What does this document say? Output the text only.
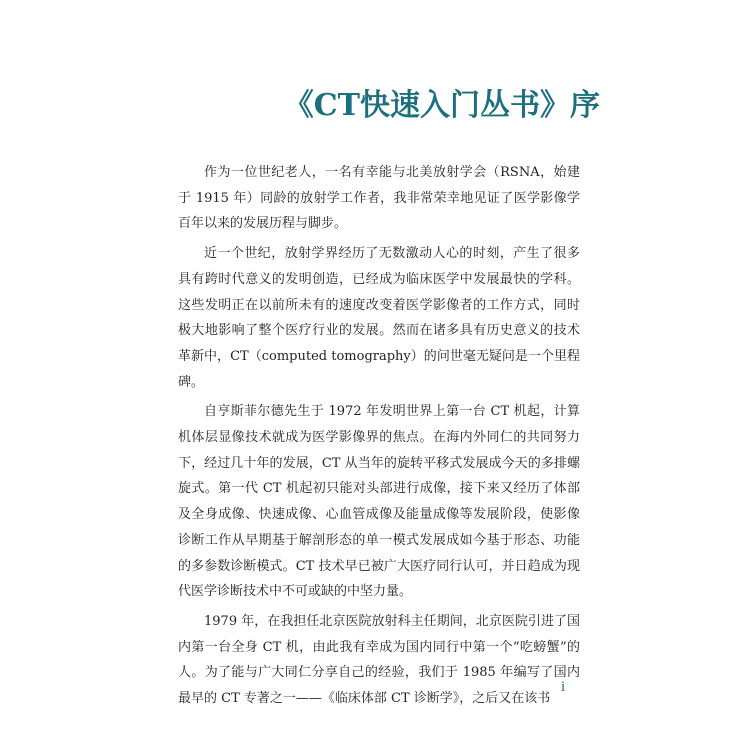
《CT快速入门丛书》序

作为一位世纪老人，一名有幸能与北美放射学会（RSNA，始建于 1915 年）同龄的放射学工作者，我非常荣幸地见证了医学影像学百年以来的发展历程与脚步。

近一个世纪，放射学界经历了无数激动人心的时刻，产生了很多具有跨时代意义的发明创造，已经成为临床医学中发展最快的学科。这些发明正在以前所未有的速度改变着医学影像者的工作方式，同时极大地影响了整个医疗行业的发展。然而在诸多具有历史意义的技术革新中，CT（computed tomography）的问世毫无疑问是一个里程碑。

自亨斯菲尔德先生于 1972 年发明世界上第一台 CT 机起，计算机体层显像技术就成为医学影像界的焦点。在海内外同仁的共同努力下，经过几十年的发展，CT 从当年的旋转平移式发展成今天的多排螺旋式。第一代 CT 机起初只能对头部进行成像，接下来又经历了体部及全身成像、快速成像、心血管成像及能量成像等发展阶段，使影像诊断工作从早期基于解剖形态的单一模式发展成如今基于形态、功能的多参数诊断模式。CT 技术早已被广大医疗同行认可，并日趋成为现代医学诊断技术中不可或缺的中坚力量。

1979 年，在我担任北京医院放射科主任期间，北京医院引进了国内第一台全身 CT 机，由此我有幸成为国内同行中第一个“吃螃蟹”的人。为了能与广大同仁分享自己的经验，我们于 1985 年编写了国内最早的 CT 专著之一——《临床体部 CT 诊断学》，之后又在该书

i
